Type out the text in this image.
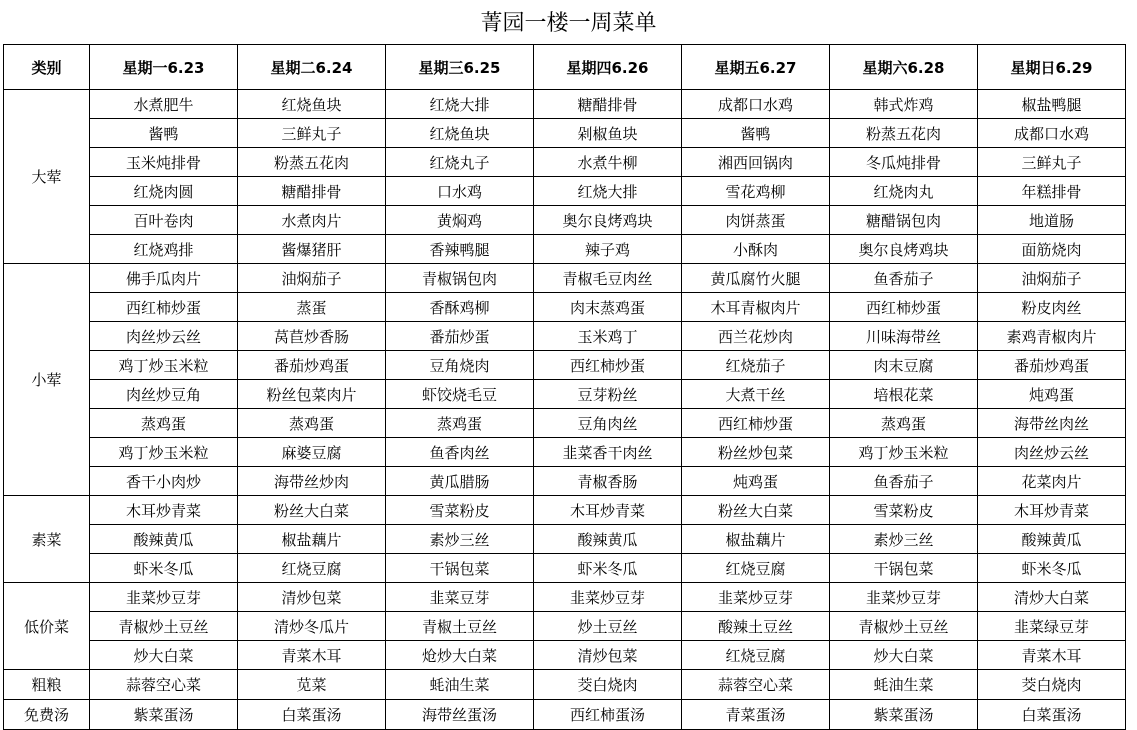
菁园一楼一周菜单
类别	星期一6.23	星期二6.24	星期三6.25	星期四6.26	星期五6.27	星期六6.28	星期日6.29
大荤	水煮肥牛	红烧鱼块	红烧大排	糖醋排骨	成都口水鸡	韩式炸鸡	椒盐鸭腿
	酱鸭	三鲜丸子	红烧鱼块	剁椒鱼块	酱鸭	粉蒸五花肉	成都口水鸡
	玉米炖排骨	粉蒸五花肉	红烧丸子	水煮牛柳	湘西回锅肉	冬瓜炖排骨	三鲜丸子
	红烧肉圆	糖醋排骨	口水鸡	红烧大排	雪花鸡柳	红烧肉丸	年糕排骨
	百叶卷肉	水煮肉片	黄焖鸡	奥尔良烤鸡块	肉饼蒸蛋	糖醋锅包肉	地道肠
	红烧鸡排	酱爆猪肝	香辣鸭腿	辣子鸡	小酥肉	奥尔良烤鸡块	面筋烧肉
小荤	佛手瓜肉片	油焖茄子	青椒锅包肉	青椒毛豆肉丝	黄瓜腐竹火腿	鱼香茄子	油焖茄子
	西红柿炒蛋	蒸蛋	香酥鸡柳	肉末蒸鸡蛋	木耳青椒肉片	西红柿炒蛋	粉皮肉丝
	肉丝炒云丝	莴苣炒香肠	番茄炒蛋	玉米鸡丁	西兰花炒肉	川味海带丝	素鸡青椒肉片
	鸡丁炒玉米粒	番茄炒鸡蛋	豆角烧肉	西红柿炒蛋	红烧茄子	肉末豆腐	番茄炒鸡蛋
	肉丝炒豆角	粉丝包菜肉片	虾饺烧毛豆	豆芽粉丝	大煮干丝	培根花菜	炖鸡蛋
	蒸鸡蛋	蒸鸡蛋	蒸鸡蛋	豆角肉丝	西红柿炒蛋	蒸鸡蛋	海带丝肉丝
	鸡丁炒玉米粒	麻婆豆腐	鱼香肉丝	韭菜香干肉丝	粉丝炒包菜	鸡丁炒玉米粒	肉丝炒云丝
	香干小肉炒	海带丝炒肉	黄瓜腊肠	青椒香肠	炖鸡蛋	鱼香茄子	花菜肉片
素菜	木耳炒青菜	粉丝大白菜	雪菜粉皮	木耳炒青菜	粉丝大白菜	雪菜粉皮	木耳炒青菜
	酸辣黄瓜	椒盐藕片	素炒三丝	酸辣黄瓜	椒盐藕片	素炒三丝	酸辣黄瓜
	虾米冬瓜	红烧豆腐	干锅包菜	虾米冬瓜	红烧豆腐	干锅包菜	虾米冬瓜
低价菜	韭菜炒豆芽	清炒包菜	韭菜豆芽	韭菜炒豆芽	韭菜炒豆芽	韭菜炒豆芽	清炒大白菜
	青椒炒土豆丝	清炒冬瓜片	青椒土豆丝	炒土豆丝	酸辣土豆丝	青椒炒土豆丝	韭菜绿豆芽
	炒大白菜	青菜木耳	炝炒大白菜	清炒包菜	红烧豆腐	炒大白菜	青菜木耳
粗粮	蒜蓉空心菜	苋菜	蚝油生菜	茭白烧肉	蒜蓉空心菜	蚝油生菜	茭白烧肉
免费汤	紫菜蛋汤	白菜蛋汤	海带丝蛋汤	西红柿蛋汤	青菜蛋汤	紫菜蛋汤	白菜蛋汤
